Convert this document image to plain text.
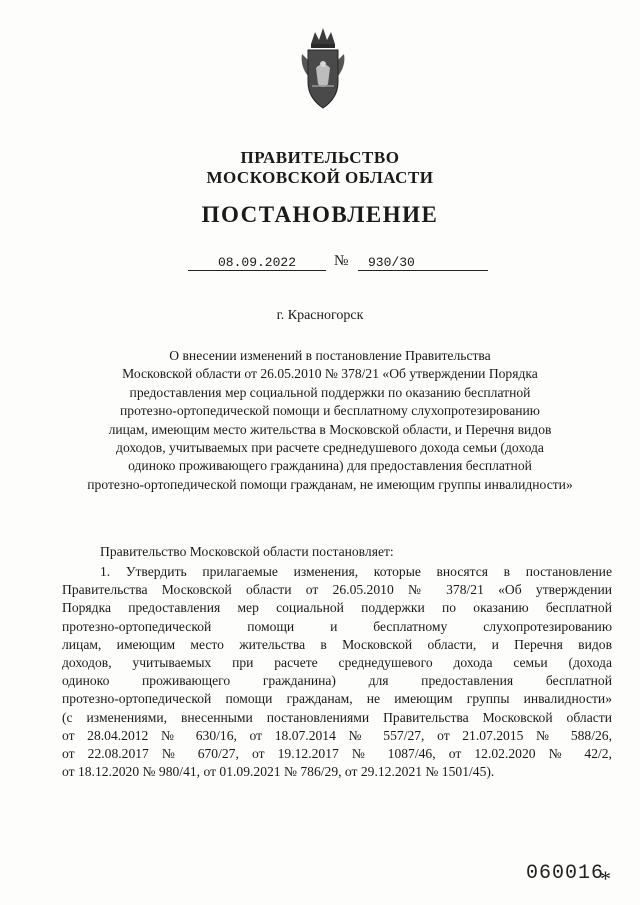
ПРАВИТЕЛЬСТВО
МОСКОВСКОЙ ОБЛАСТИ
ПОСТАНОВЛЕНИЕ
08.09.2022	№	930/30
г. Красногорск
О внесении изменений в постановление Правительства
Московской области от 26.05.2010 № 378/21 «Об утверждении Порядка
предоставления мер социальной поддержки по оказанию бесплатной
протезно-ортопедической помощи и бесплатному слухопротезированию
лицам, имеющим место жительства в Московской области, и Перечня видов
доходов, учитываемых при расчете среднедушевого дохода семьи (дохода
одиноко проживающего гражданина) для предоставления бесплатной
протезно-ортопедической помощи гражданам, не имеющим группы инвалидности»
Правительство Московской области постановляет:
1. Утвердить прилагаемые изменения, которые вносятся в постановление
Правительства Московской области от 26.05.2010 № 378/21 «Об утверждении
Порядка предоставления мер социальной поддержки по оказанию бесплатной
протезно-ортопедической помощи и бесплатному слухопротезированию
лицам, имеющим место жительства в Московской области, и Перечня видов
доходов, учитываемых при расчете среднедушевого дохода семьи (дохода
одиноко проживающего гражданина) для предоставления бесплатной
протезно-ортопедической помощи гражданам, не имеющим группы инвалидности»
(с изменениями, внесенными постановлениями Правительства Московской области
от 28.04.2012 № 630/16, от 18.07.2014 № 557/27, от 21.07.2015 № 588/26,
от 22.08.2017 № 670/27, от 19.12.2017 № 1087/46, от 12.02.2020 № 42/2,
от 18.12.2020 № 980/41, от 01.09.2021 № 786/29, от 29.12.2021 № 1501/45).
060016
*
